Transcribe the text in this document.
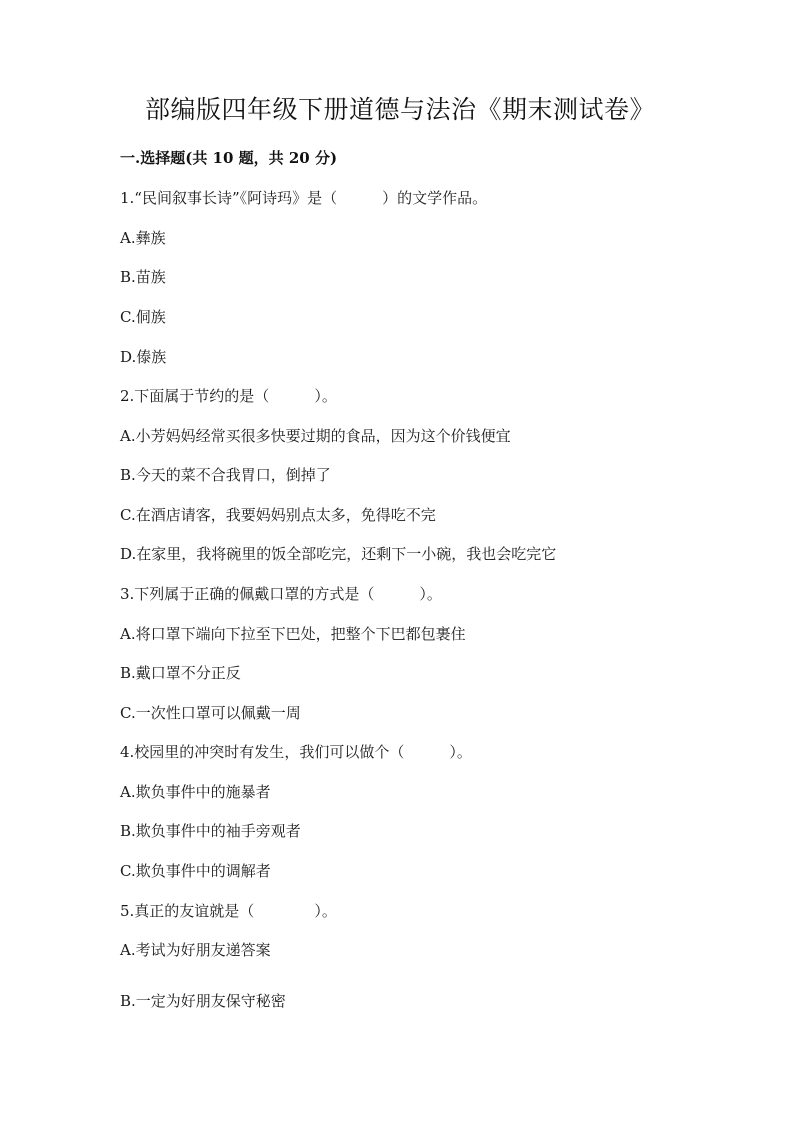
部编版四年级下册道德与法治《期末测试卷》
一.选择题(共 10 题，共 20 分)
1.“民间叙事长诗”《阿诗玛》是（　　　）的文学作品。
A.彝族
B.苗族
C.侗族
D.傣族
2.下面属于节约的是（　　　）。
A.小芳妈妈经常买很多快要过期的食品，因为这个价钱便宜
B.今天的菜不合我胃口，倒掉了
C.在酒店请客，我要妈妈别点太多，免得吃不完
D.在家里，我将碗里的饭全部吃完，还剩下一小碗，我也会吃完它
3.下列属于正确的佩戴口罩的方式是（　　　）。
A.将口罩下端向下拉至下巴处，把整个下巴都包裹住
B.戴口罩不分正反
C.一次性口罩可以佩戴一周
4.校园里的冲突时有发生，我们可以做个（　　　）。
A.欺负事件中的施暴者
B.欺负事件中的袖手旁观者
C.欺负事件中的调解者
5.真正的友谊就是（　　　　）。
A.考试为好朋友递答案
B.一定为好朋友保守秘密
